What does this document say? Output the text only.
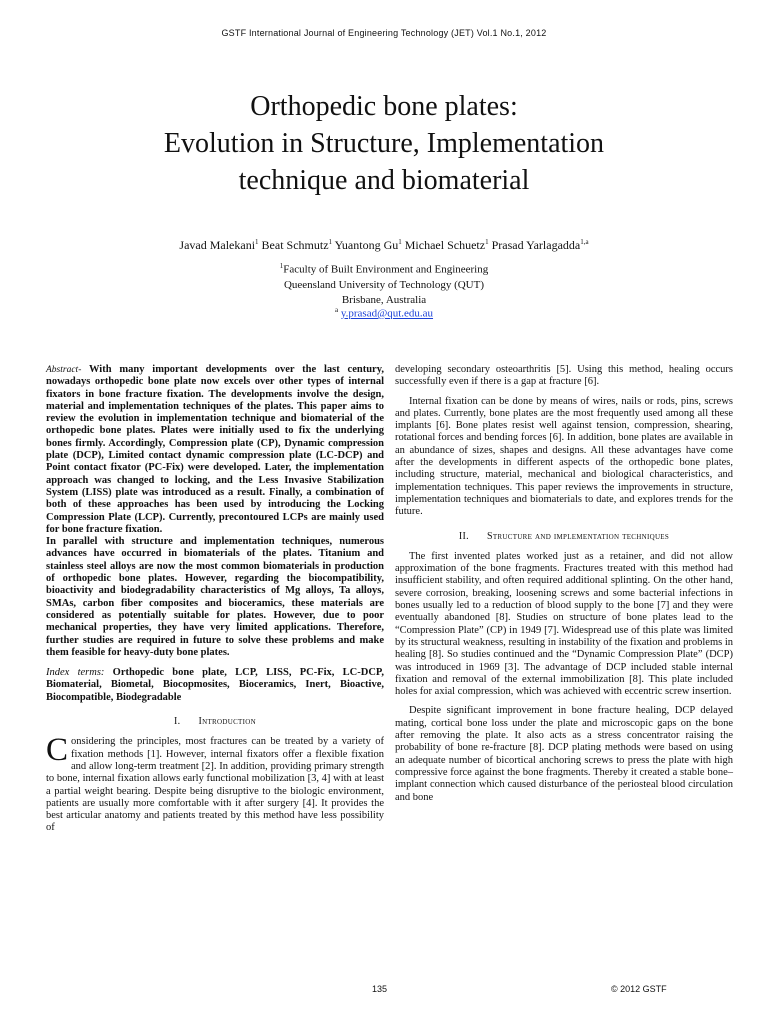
GSTF International Journal of Engineering Technology (JET) Vol.1 No.1, 2012
Orthopedic bone plates:
Evolution in Structure, Implementation
technique and biomaterial
Javad Malekani$^1$ Beat Schmutz$^1$ Yuantong Gu$^1$ Michael Schuetz$^1$ Prasad Yarlagadda$^{1,a}$
$^1$Faculty of Built Environment and Engineering
Queensland University of Technology (QUT)
Brisbane, Australia
$^a$ y.prasad@qut.edu.au

Abstract- With many important developments over the last century, nowadays orthopedic bone plate now excels over other types of internal fixators in bone fracture fixation. The developments involve the design, material and implementation techniques of the plates. This paper aims to review the evolution in implementation technique and biomaterial of the orthopedic bone plates. Plates were initially used to fix the underlying bones firmly. Accordingly, Compression plate (CP), Dynamic compression plate (DCP), Limited contact dynamic compression plate (LC-DCP) and Point contact fixator (PC-Fix) were developed. Later, the implementation approach was changed to locking, and the Less Invasive Stabilization System (LISS) plate was introduced as a result. Finally, a combination of both of these approaches has been used by introducing the Locking Compression Plate (LCP). Currently, precontoured LCPs are mainly used for bone fracture fixation.

In parallel with structure and implementation techniques, numerous advances have occurred in biomaterials of the plates. Titanium and stainless steel alloys are now the most common biomaterials in production of orthopedic bone plates. However, regarding the biocompatibility, bioactivity and biodegradability characteristics of Mg alloys, Ta alloys, SMAs, carbon fiber composites and bioceramics, these materials are considered as potentially suitable for plates. However, due to poor mechanical properties, they have very limited applications. Therefore, further studies are required in future to solve these problems and make them feasible for heavy-duty bone plates.

Index terms: Orthopedic bone plate, LCP, LISS, PC-Fix, LC-DCP, Biomaterial, Biometal, Biocopmosites, Bioceramics, Inert, Bioactive, Biocompatible, Biodegradable

I. Introduction

Considering the principles, most fractures can be treated by a variety of fixation methods [1]. However, internal fixators offer a flexible fixation and allow long-term treatment [2]. In addition, providing primary strength to bone, internal fixation allows early functional mobilization [3, 4] with at least a partial weight bearing. Despite being disruptive to the biologic environment, patients are usually more comfortable with it after surgery [4]. It provides the best articular anatomy and patients treated by this method have less possibility of

developing secondary osteoarthritis [5]. Using this method, healing occurs successfully even if there is a gap at fracture [6].

Internal fixation can be done by means of wires, nails or rods, pins, screws and plates. Currently, bone plates are the most frequently used among all these implants [6]. Bone plates resist well against tension, compression, shearing, rotational forces and bending forces [6]. In addition, bone plates are available in an abundance of sizes, shapes and designs. All these advantages have come after the developments in different aspects of the orthopedic bone plates, including structure, material, mechanical and biological characteristics, and implementation techniques. This paper reviews the improvements in structure, implementation techniques and biomaterials to date, and explores trends for the future.

II. Structure and implementation techniques

The first invented plates worked just as a retainer, and did not allow approximation of the bone fragments. Fractures treated with this method had insufficient stability, and often required additional splinting. On the other hand, severe corrosion, breaking, loosening screws and some bacterial infections in bones usually led to a reduction of blood supply to the bone [7] and they were eventually abandoned [8]. Studies on structure of bone plates lead to the “Compression Plate” (CP) in 1949 [7]. Widespread use of this plate was limited by its structural weakness, resulting in instability of the fixation and problems in healing [8]. So studies continued and the “Dynamic Compression Plate” (DCP) was introduced in 1969 [3]. The advantage of DCP included stable internal fixation and removal of the external immobilization [8]. This plate included holes for axial compression, which was achieved with eccentric screw insertion.

Despite significant improvement in bone fracture healing, DCP delayed mating, cortical bone loss under the plate and microscopic gaps on the bone after removing the plate. It also acts as a stress concentrator raising the probability of bone re-fracture [8]. DCP plating methods were based on using an adequate number of bicortical anchoring screws to press the plate with high compressive force against the bone fragments. Thereby it created a stable bone–implant connection which caused disturbance of the periosteal blood circulation and bone

135	© 2012 GSTF
